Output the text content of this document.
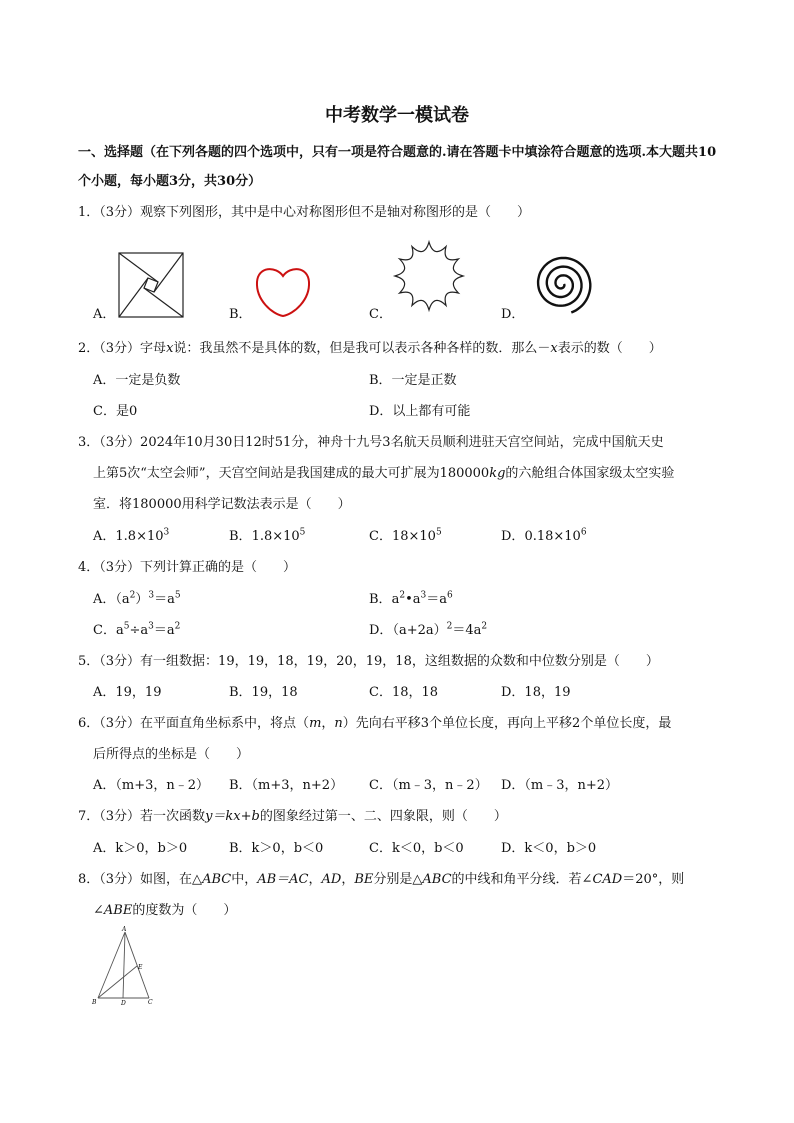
中考数学一模试卷
一、选择题（在下列各题的四个选项中，只有一项是符合题意的.请在答题卡中填涂符合题意的选项.本大题共10个小题，每小题3分，共30分）
1．（3分）观察下列图形，其中是中心对称图形但不是轴对称图形的是（　　）
A．	B．	C．	D．
2．（3分）字母x说：我虽然不是具体的数，但是我可以表示各种各样的数．那么－x表示的数（　　）
A．一定是负数	B．一定是正数
C．是0	D．以上都有可能
3．（3分）2024年10月30日12时51分，神舟十九号3名航天员顺利进驻天宫空间站，完成中国航天史
上第5次“太空会师”，天宫空间站是我国建成的最大可扩展为180000kg的六舱组合体国家级太空实验
室．将180000用科学记数法表示是（　　）
A．$1.8\times 10^3$	B．$1.8\times 10^5$	C．$18\times 10^5$	D．$0.18\times 10^6$
4．（3分）下列计算正确的是（　　）
A．$(a^2)^3=a^5$	B．$a^2•a^3=a^6$
C．$a^5\div a^3=a^2$	D．$(a+2a)^2=4a^2$
5．（3分）有一组数据：19，19，18，19，20，19，18，这组数据的众数和中位数分别是（　　）
A．19，19	B．19，18	C．18，18	D．18，19
6．（3分）在平面直角坐标系中，将点（m，n）先向右平移3个单位长度，再向上平移2个单位长度，最
后所得点的坐标是（　　）
A．（m+3，n﹣2） B．（m+3，n+2） C．（m﹣3，n﹣2） D．（m﹣3，n+2）
7．（3分）若一次函数y＝kx+b的图象经过第一、二、四象限，则（　　）
A．k＞0，b＞0	B．k＞0，b＜0	C．k＜0，b＜0	D．k＜0，b＞0
8．（3分）如图，在△ABC中，AB＝AC，AD，BE分别是△ABC的中线和角平分线．若∠CAD＝20°，则
∠ABE的度数为（　　）
A
E
B	D	C
